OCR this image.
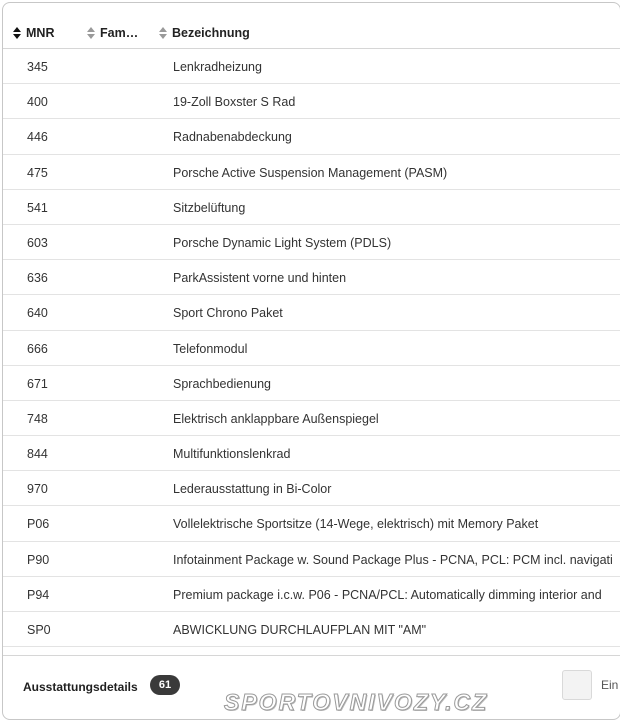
MNR	Fam…	Bezeichnung
345	Lenkradheizung
400	19-Zoll Boxster S Rad
446	Radnabenabdeckung
475	Porsche Active Suspension Management (PASM)
541	Sitzbelüftung
603	Porsche Dynamic Light System (PDLS)
636	ParkAssistent vorne und hinten
640	Sport Chrono Paket
666	Telefonmodul
671	Sprachbedienung
748	Elektrisch anklappbare Außenspiegel
844	Multifunktionslenkrad
970	Lederausstattung in Bi-Color
P06	Vollelektrische Sportsitze (14-Wege, elektrisch) mit Memory Paket
P90	Infotainment Package w. Sound Package Plus - PCNA, PCL: PCM incl. navigati
P94	Premium package i.c.w. P06 - PCNA/PCL: Automatically dimming interior and
SP0	ABWICKLUNG DURCHLAUFPLAN MIT "AM"
Ausstattungsdetails	61	Ein
SPORTOVNIVOZY.CZ
